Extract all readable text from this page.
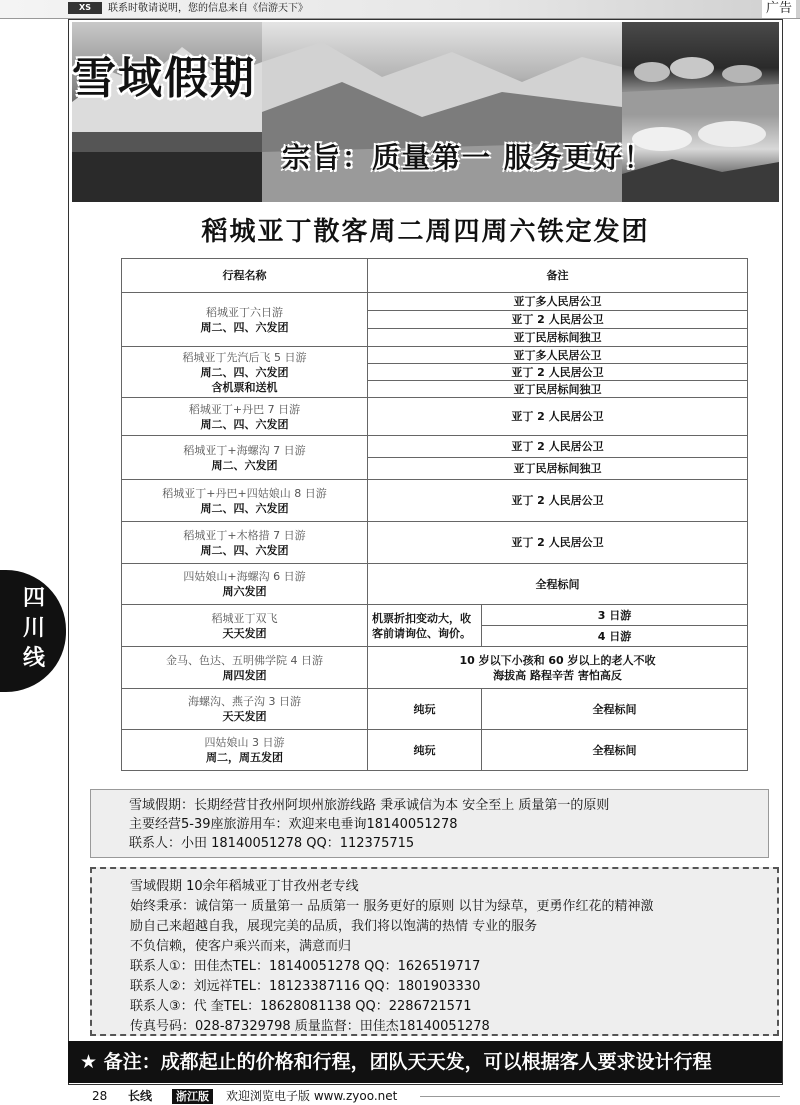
XS	联系时敬请说明，您的信息来自《信游天下》	广告
雪域假期
宗旨：质量第一 服务更好！
四
川
线
稻城亚丁散客周二周四周六铁定发团
行程名称	备注	

稻城亚丁六日游
周二、四、六发团	亚丁多人民居公卫	
	亚丁 2 人民居公卫	
	亚丁民居标间独卫	

稻城亚丁先汽后飞 5 日游
周二、四、六发团
含机票和送机	亚丁多人民居公卫	
	亚丁 2 人民居公卫	
	亚丁民居标间独卫	

稻城亚丁+丹巴 7 日游
周二、四、六发团	亚丁 2 人民居公卫	

稻城亚丁+海螺沟 7 日游
周二、六发团	亚丁 2 人民居公卫	
	亚丁民居标间独卫	

稻城亚丁+丹巴+四姑娘山 8 日游
周二、四、六发团	亚丁 2 人民居公卫	

稻城亚丁+木格措 7 日游
周二、四、六发团	亚丁 2 人民居公卫	

四姑娘山+海螺沟 6 日游
周六发团	全程标间	

稻城亚丁双飞
天天发团	机票折扣变动大，收客前请询位、询价。	3 日游
		4 日游

金马、色达、五明佛学院 4 日游
周四发团	10 岁以下小孩和 60 岁以上的老人不收
海拔高 路程辛苦 害怕高反	

海螺沟、燕子沟 3 日游
天天发团	纯玩	全程标间

四姑娘山 3 日游
周二，周五发团	纯玩	全程标间
雪域假期：长期经营甘孜州阿坝州旅游线路 秉承诚信为本 安全至上 质量第一的原则
主要经营5-39座旅游用车：欢迎来电垂询18140051278
联系人：小田 18140051278 QQ：112375715
雪域假期 10余年稻城亚丁甘孜州老专线
始终秉承：诚信第一 质量第一 品质第一 服务更好的原则 以甘为绿草，更勇作红花的精神激
励自己来超越自我，展现完美的品质，我们将以饱满的热情 专业的服务
不负信赖，使客户乘兴而来，满意而归
联系人①：田佳杰TEL：18140051278 QQ：1626519717
联系人②：刘远祥TEL：18123387116 QQ：1801903330
联系人③：代 奎TEL：18628081138 QQ：2286721571
传真号码：028-87329798 质量监督：田佳杰18140051278
★ 备注：成都起止的价格和行程，团队天天发，可以根据客人要求设计行程
28 长线	浙江版	欢迎浏览电子版 www.zyoo.net
